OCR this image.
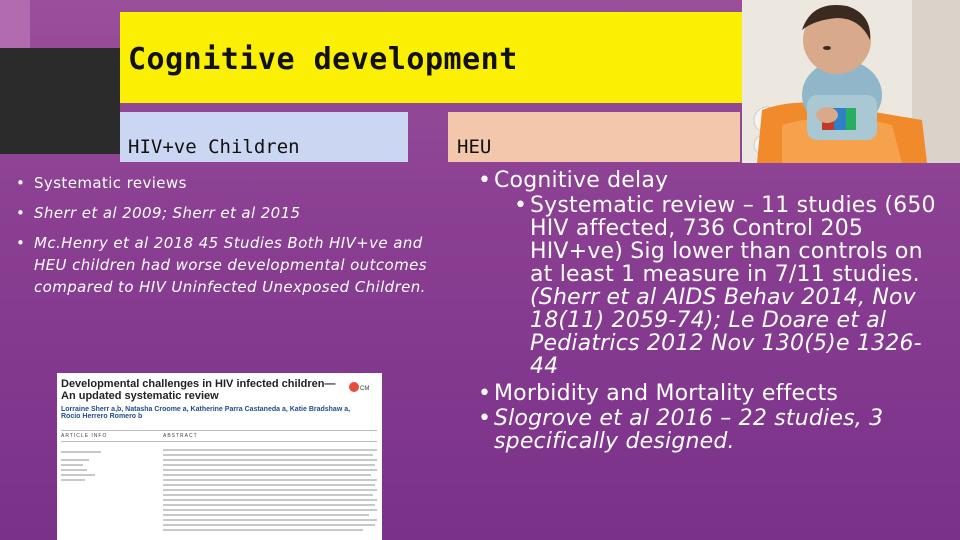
Cognitive development
HIV+ve Children	HEU
• Systematic reviews
• Sherr et al 2009; Sherr et al 2015
• Mc.Henry et al 2018 45 Studies Both HIV+ve and HEU children had worse developmental outcomes compared to HIV Uninfected Unexposed Children.
Developmental challenges in HIV infected children—An updated systematic review
CM
Lorraine Sherr a,b, Natasha Croome a, Katherine Parra Castaneda a, Katie Bradshaw a, Rocio Herrero Romero b
ARTICLE INFO	ABSTRACT
• Cognitive delay
• Systematic review – 11 studies (650 HIV affected, 736 Control 205 HIV+ve) Sig lower than controls on at least 1 measure in 7/11 studies. (Sherr et al AIDS Behav 2014, Nov 18(11) 2059-74); Le Doare et al Pediatrics 2012 Nov 130(5)e 1326-44
• Morbidity and Mortality effects
• Slogrove et al 2016 – 22 studies, 3 specifically designed.
